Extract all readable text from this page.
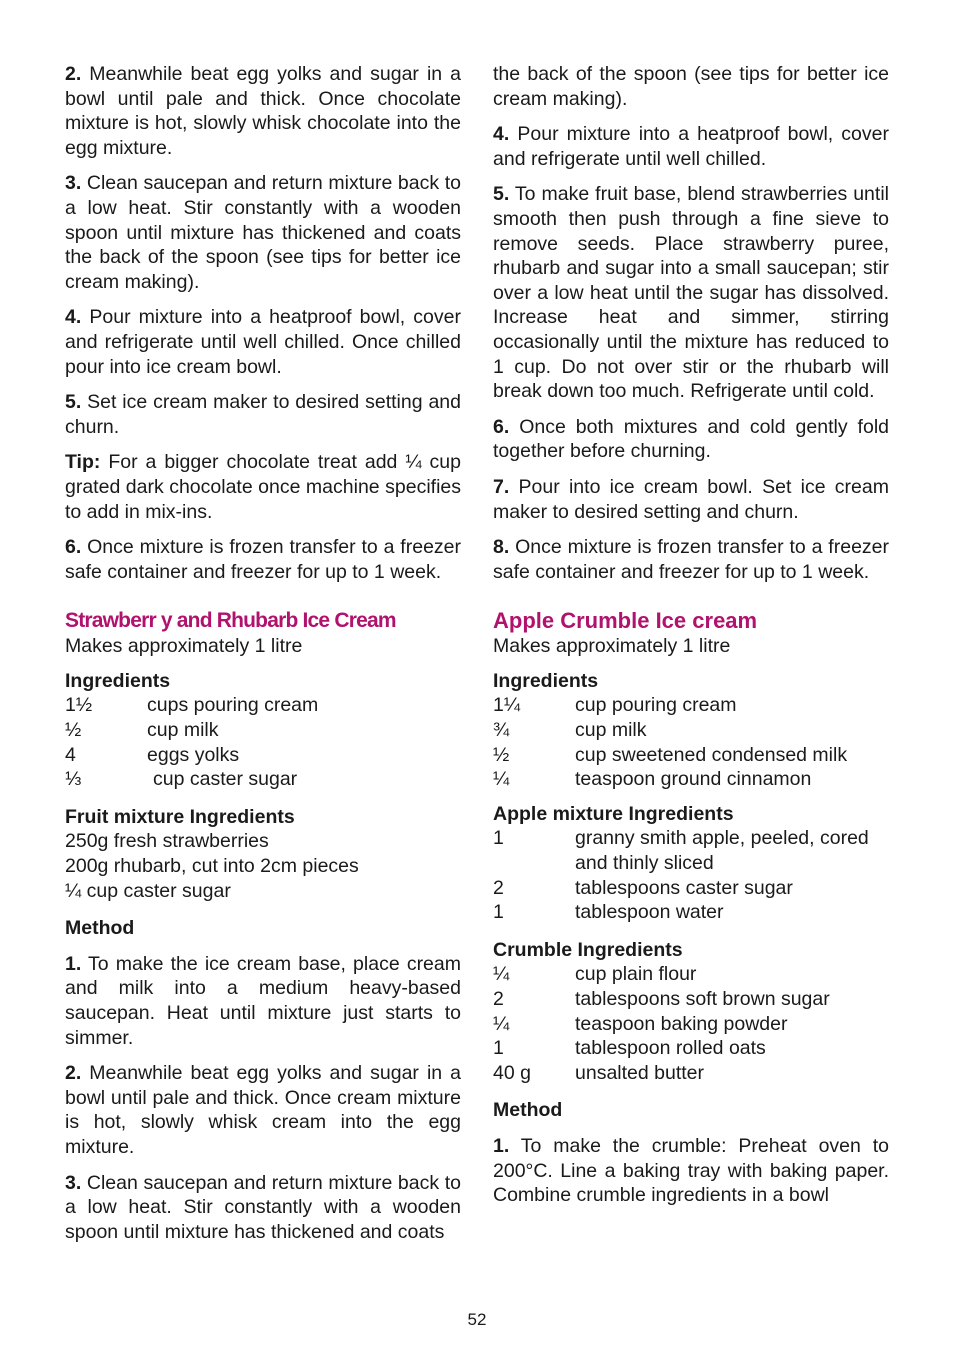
2. Meanwhile beat egg yolks and sugar in a bowl until pale and thick. Once chocolate mixture is hot, slowly whisk chocolate into the egg mixture.

3. Clean saucepan and return mixture back to a low heat. Stir constantly with a wooden spoon until mixture has thickened and coats the back of the spoon (see tips for better ice cream making).

4. Pour mixture into a heatproof bowl, cover and refrigerate until well chilled. Once chilled pour into ice cream bowl.

5. Set ice cream maker to desired setting and churn.

Tip: For a bigger chocolate treat add ¼ cup grated dark chocolate once machine specifies to add in mix-ins.

6. Once mixture is frozen transfer to a freezer safe container and freezer for up to 1 week.

Strawberr y and Rhubarb Ice Cream
Makes approximately 1 litre
Ingredients
1½	cups pouring cream
½	cup milk
4	eggs yolks
⅓	cup caster sugar
Fruit mixture Ingredients
250g fresh strawberries
200g rhubarb, cut into 2cm pieces
¼ cup caster sugar
Method

1. To make the ice cream base, place cream and milk into a medium heavy-based saucepan. Heat until mixture just starts to simmer.

2. Meanwhile beat egg yolks and sugar in a bowl until pale and thick. Once cream mixture is hot, slowly whisk cream into the egg mixture.

3. Clean saucepan and return mixture back to a low heat. Stir constantly with a wooden spoon until mixture has thickened and coats

the back of the spoon (see tips for better ice cream making).

4. Pour mixture into a heatproof bowl, cover and refrigerate until well chilled.

5. To make fruit base, blend strawberries until smooth then push through a fine sieve to remove seeds. Place strawberry puree, rhubarb and sugar into a small saucepan; stir over a low heat until the sugar has dissolved. Increase heat and simmer, stirring occasionally until the mixture has reduced to 1 cup. Do not over stir or the rhubarb will break down too much. Refrigerate until cold.

6. Once both mixtures and cold gently fold together before churning.

7. Pour into ice cream bowl. Set ice cream maker to desired setting and churn.

8. Once mixture is frozen transfer to a freezer safe container and freezer for up to 1 week.

Apple Crumble Ice cream
Makes approximately 1 litre
Ingredients
1¼	cup pouring cream
¾	cup milk
½	cup sweetened condensed milk
¼	teaspoon ground cinnamon
Apple mixture Ingredients
1	granny smith apple, peeled, cored and thinly sliced
2	tablespoons caster sugar
1	tablespoon water
Crumble Ingredients
¼	cup plain flour
2	tablespoons soft brown sugar
¼	teaspoon baking powder
1	tablespoon rolled oats
40 g	unsalted butter
Method

1. To make the crumble: Preheat oven to 200°C. Line a baking tray with baking paper. Combine crumble ingredients in a bowl

52
